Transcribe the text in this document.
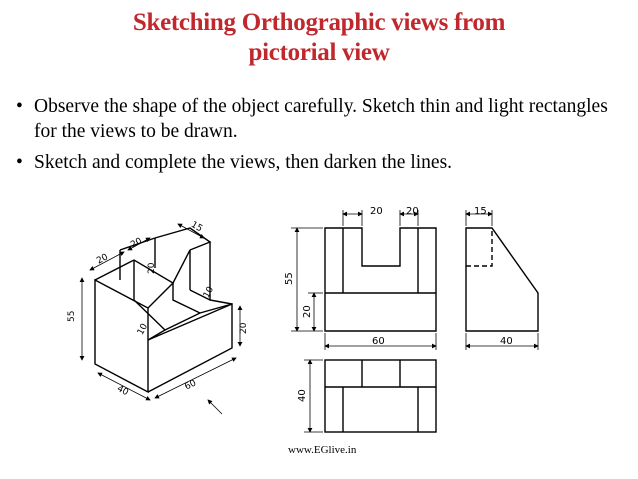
Sketching Orthographic views from
pictorial view
• Observe the shape of the object carefully. Sketch thin and light rectangles for the views to be drawn.
• Sketch and complete the views, then darken the lines.
55
40	60
20
20
20
15
20
10
10
20 20
55
20
60
15
40
40
www.EGlive.in
